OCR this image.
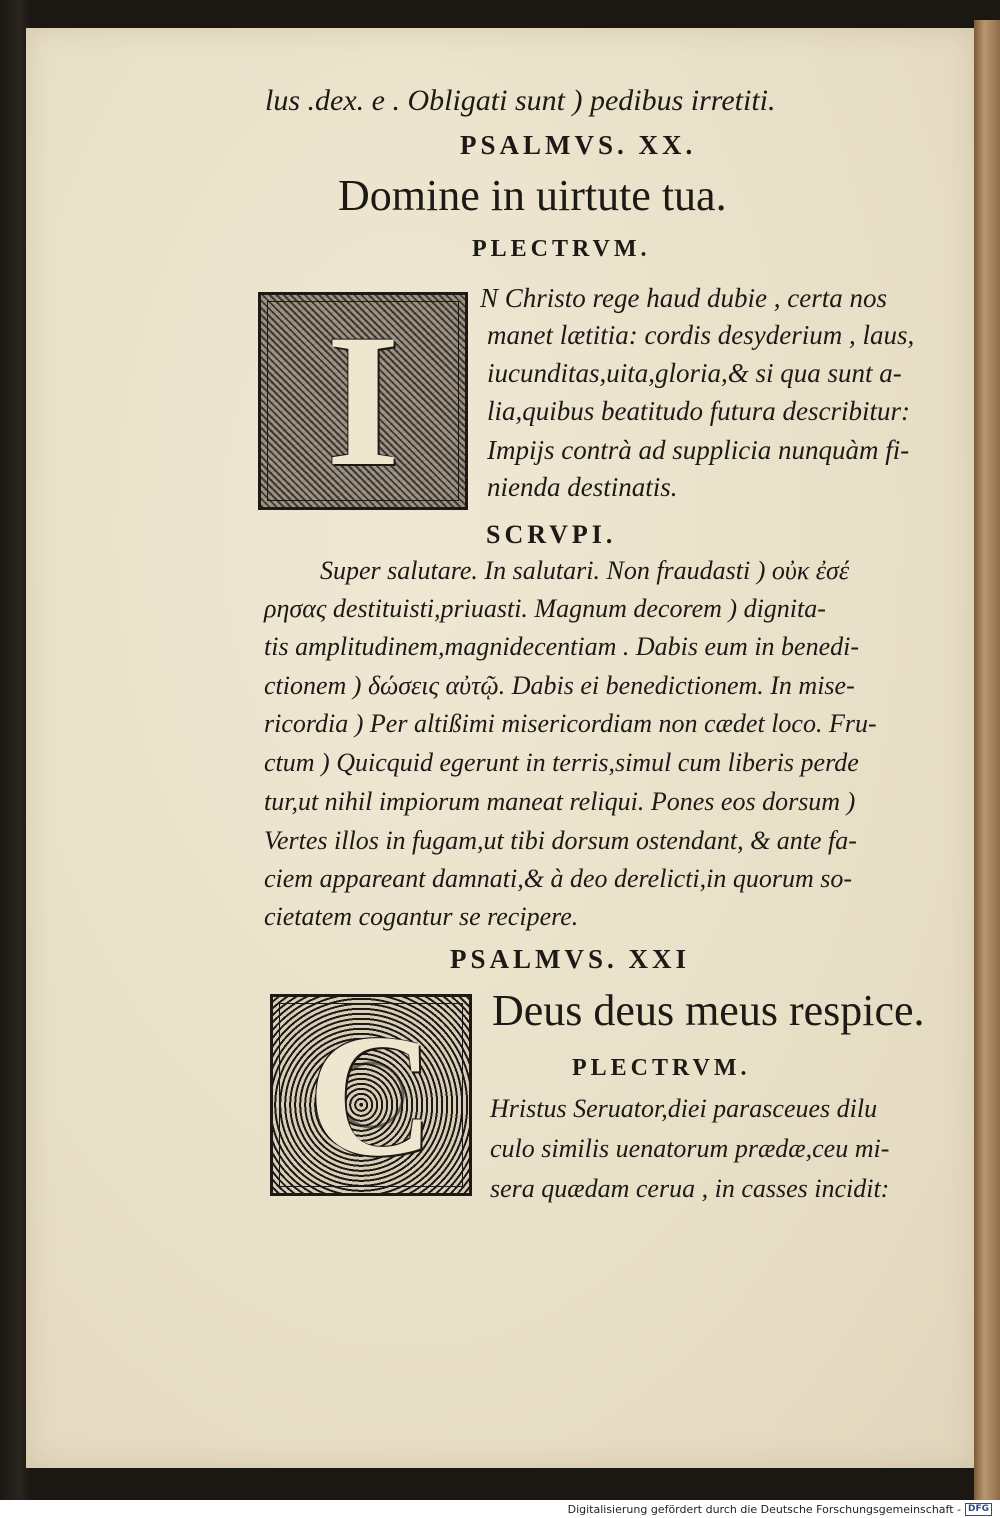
lus .dex. e . Obligati sunt ) pedibus irretiti.
PSALMVS. XX.
Domine in uirtute tua.
PLECTRVM.
I	N Christo rege haud dubie , certa nos
manet lætitia: cordis desyderium , laus,
iucunditas,uita,gloria,& si qua sunt a-
lia,quibus beatitudo futura describitur:
Impijs contrà ad supplicia nunquàm fi-
nienda destinatis.
SCRVPI.
Super salutare. In salutari. Non fraudasti ) οὐκ ἐσέ
ρησας destituisti,priuasti. Magnum decorem ) dignita-
tis amplitudinem,magnidecentiam . Dabis eum in benedi-
ctionem ) δώσεις αὐτῷ. Dabis ei benedictionem. In mise-
ricordia ) Per altißimi misericordiam non cædet loco. Fru-
ctum ) Quicquid egerunt in terris,simul cum liberis perde
tur,ut nihil impiorum maneat reliqui. Pones eos dorsum )
Vertes illos in fugam,ut tibi dorsum ostendant, & ante fa-
ciem appareant damnati,& à deo derelicti,in quorum so-
cietatem cogantur se recipere.
PSALMVS. XXI
C	Deus deus meus respice.
PLECTRVM.
Hristus Seruator,diei parasceues dilu
culo similis uenatorum prædæ,ceu mi-
sera quædam cerua , in casses incidit:
Digitalisierung gefördert durch die Deutsche Forschungsgemeinschaft - DFG
